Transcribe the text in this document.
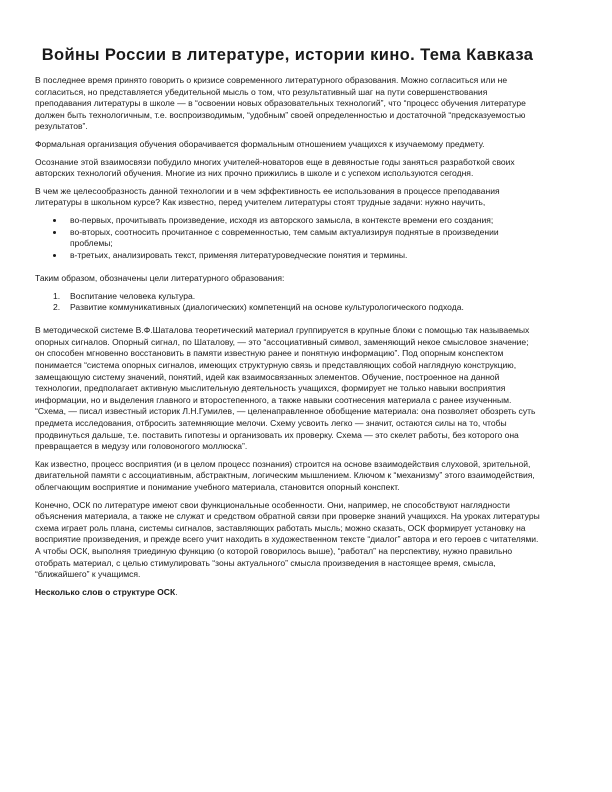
Войны России в литературе, истории кино. Тема Кавказа

В последнее время принято говорить о кризисе современного литературного образования. Можно согласиться или не согласиться, но представляется убедительной мысль о том, что результативный шаг на пути совершенствования преподавания литературы в школе — в “освоении новых образовательных технологий”, что “процесс обучения литературе должен быть технологичным, т.е. воспроизводимым, “удобным” своей определенностью и достаточной “предсказуемостью результатов”.

Формальная организация обучения оборачивается формальным отношением учащихся к изучаемому предмету.

Осознание этой взаимосвязи побудило многих учителей-новаторов еще в девяностые годы заняться разработкой своих авторских технологий обучения. Многие из них прочно прижились в школе и с успехом используются сегодня.

В чем же целесообразность данной технологии и в чем эффективность ее использования в процессе преподавания литературы в школьном курсе? Как известно, перед учителем литературы стоят трудные задачи: нужно научить,

во-первых, прочитывать произведение, исходя из авторского замысла, в контексте времени его создания;
во-вторых, соотносить прочитанное с современностью, тем самым актуализируя поднятые в произведении проблемы;
в-третьих, анализировать текст, применяя литературоведческие понятия и термины.

Таким образом, обозначены цели литературного образования:

1. Воспитание человека культура.
2. Развитие коммуникативных (диалогических) компетенций на основе культурологического подхода.

В методической системе В.Ф.Шаталова теоретический материал группируется в крупные блоки с помощью так называемых опорных сигналов. Опорный сигнал, по Шаталову, — это “ассоциативный символ, заменяющий некое смысловое значение; он способен мгновенно восстановить в памяти известную ранее и понятную информацию”. Под опорным конспектом понимается “система опорных сигналов, имеющих структурную связь и представляющих собой наглядную конструкцию, замещающую систему значений, понятий, идей как взаимосвязанных элементов. Обучение, построенное на данной технологии, предполагает активную мыслительную деятельность учащихся, формирует не только навыки восприятия информации, но и выделения главного и второстепенного, а также навыки соотнесения материала с ранее изученным. “Схема, — писал известный историк Л.Н.Гумилев, — целенаправленное обобщение материала: она позволяет обозреть суть предмета исследования, отбросить затемняющие мелочи. Схему усвоить легко — значит, остаются силы на то, чтобы продвинуться дальше, т.е. поставить гипотезы и организовать их проверку. Схема — это скелет работы, без которого она превращается в медузу или головоногого моллюска”.

Как известно, процесс восприятия (и в целом процесс познания) строится на основе взаимодействия слуховой, зрительной, двигательной памяти с ассоциативным, абстрактным, логическим мышлением. Ключом к “механизму” этого взаимодействия, облегчающим восприятие и понимание учебного материала, становится опорный конспект.

Конечно, ОСК по литературе имеют свои функциональные особенности. Они, например, не способствуют наглядности объяснения материала, а также не служат и средством обратной связи при проверке знаний учащихся. На уроках литературы схема играет роль плана, системы сигналов, заставляющих работать мысль; можно сказать, ОСК формирует установку на восприятие произведения, и прежде всего учит находить в художественном тексте “диалог” автора и его героев с читателями. А чтобы ОСК, выполняя триединую функцию (о которой говорилось выше), “работал” на перспективу, нужно правильно отобрать материал, с целью стимулировать “зоны актуального” смысла произведения в настоящее время, смысла, “ближайшего” к учащимся.

Несколько слов о структуре ОСК.
